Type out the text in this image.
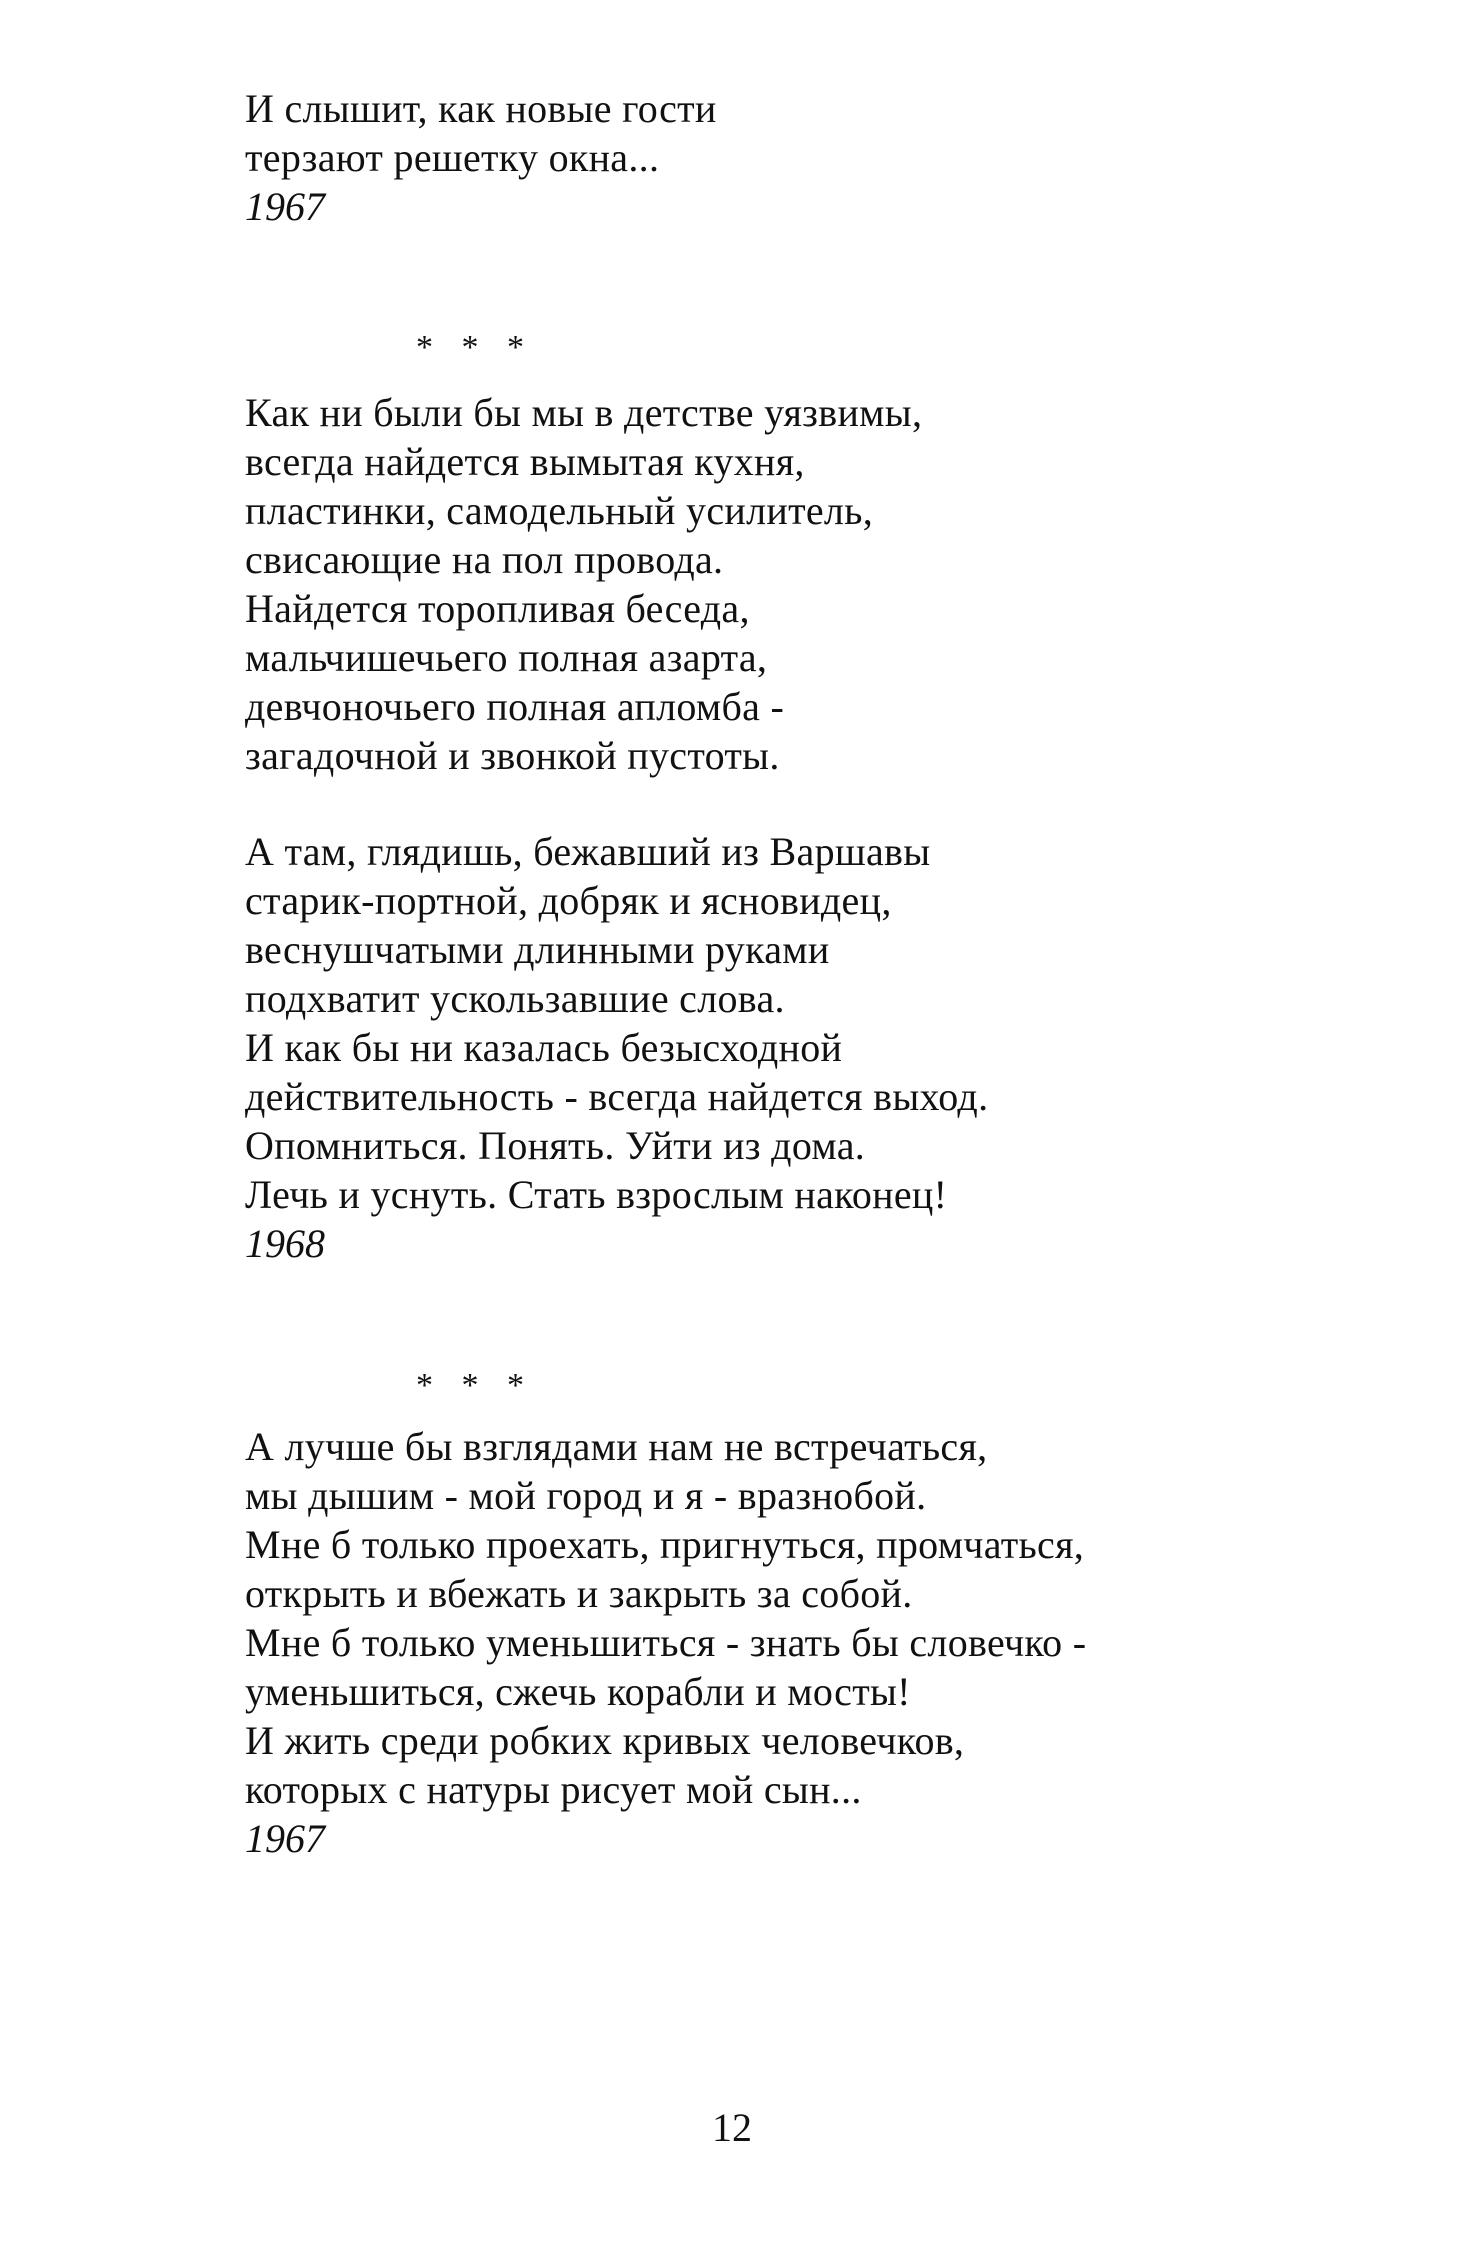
И слышит, как новые гости
терзают решетку окна...
1967
* * *
Как ни были бы мы в детстве уязвимы,
всегда найдется вымытая кухня,
пластинки, самодельный усилитель,
свисающие на пол провода.
Найдется торопливая беседа,
мальчишечьего полная азарта,
девчоночьего полная апломба -
загадочной и звонкой пустоты.
А там, глядишь, бежавший из Варшавы
старик-портной, добряк и ясновидец,
веснушчатыми длинными руками
подхватит ускользавшие слова.
И как бы ни казалась безысходной
действительность - всегда найдется выход.
Опомниться. Понять. Уйти из дома.
Лечь и уснуть. Стать взрослым наконец!
1968
* * *
А лучше бы взглядами нам не встречаться,
мы дышим - мой город и я - вразнобой.
Мне б только проехать, пригнуться, промчаться,
открыть и вбежать и закрыть за собой.
Мне б только уменьшиться - знать бы словечко -
уменьшиться, сжечь корабли и мосты!
И жить среди робких кривых человечков,
которых с натуры рисует мой сын...
1967
12
